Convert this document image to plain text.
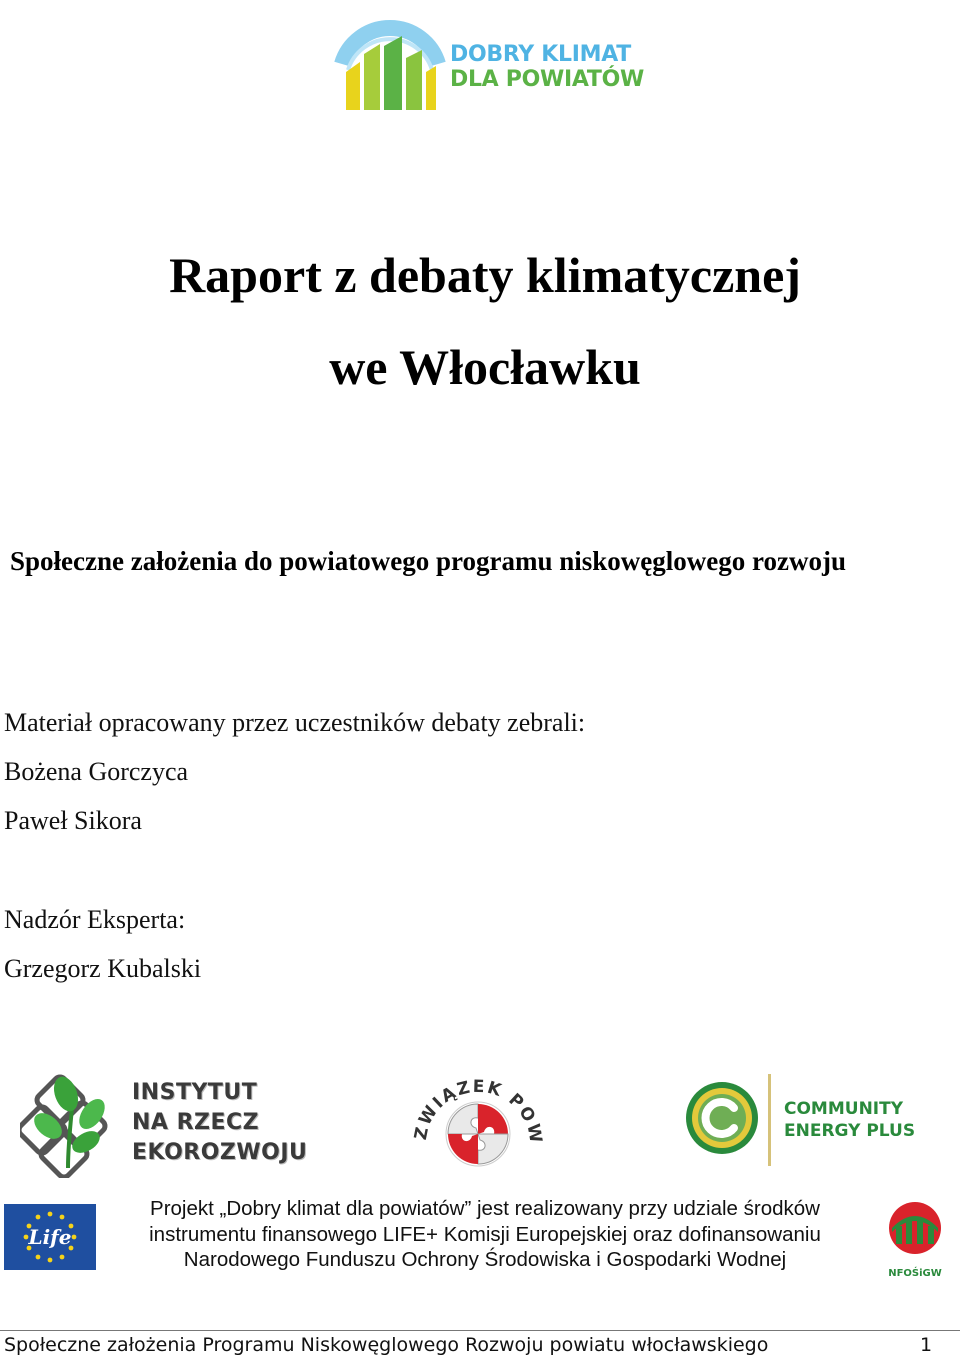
DOBRY KLIMAT
DLA POWIATÓW
Raport z debaty klimatycznej
we Włocławku
Społeczne założenia do powiatowego programu niskowęglowego rozwoju
Materiał opracowany przez uczestników debaty zebrali:
Bożena Gorczyca
Paweł Sikora
Nadzór Eksperta:
Grzegorz Kubalski
INSTYTUT
NA RZECZ
EKOROZWOJU
ZWIĄZEK POW
COMMUNITY
ENERGY PLUS
Life
Projekt „Dobry klimat dla powiatów” jest realizowany przy udziale środków
instrumentu finansowego LIFE+ Komisji Europejskiej oraz dofinansowaniu
Narodowego Funduszu Ochrony Środowiska i Gospodarki Wodnej
NFOŚiGW
Społeczne założenia Programu Niskowęglowego Rozwoju powiatu włocławskiego	1
